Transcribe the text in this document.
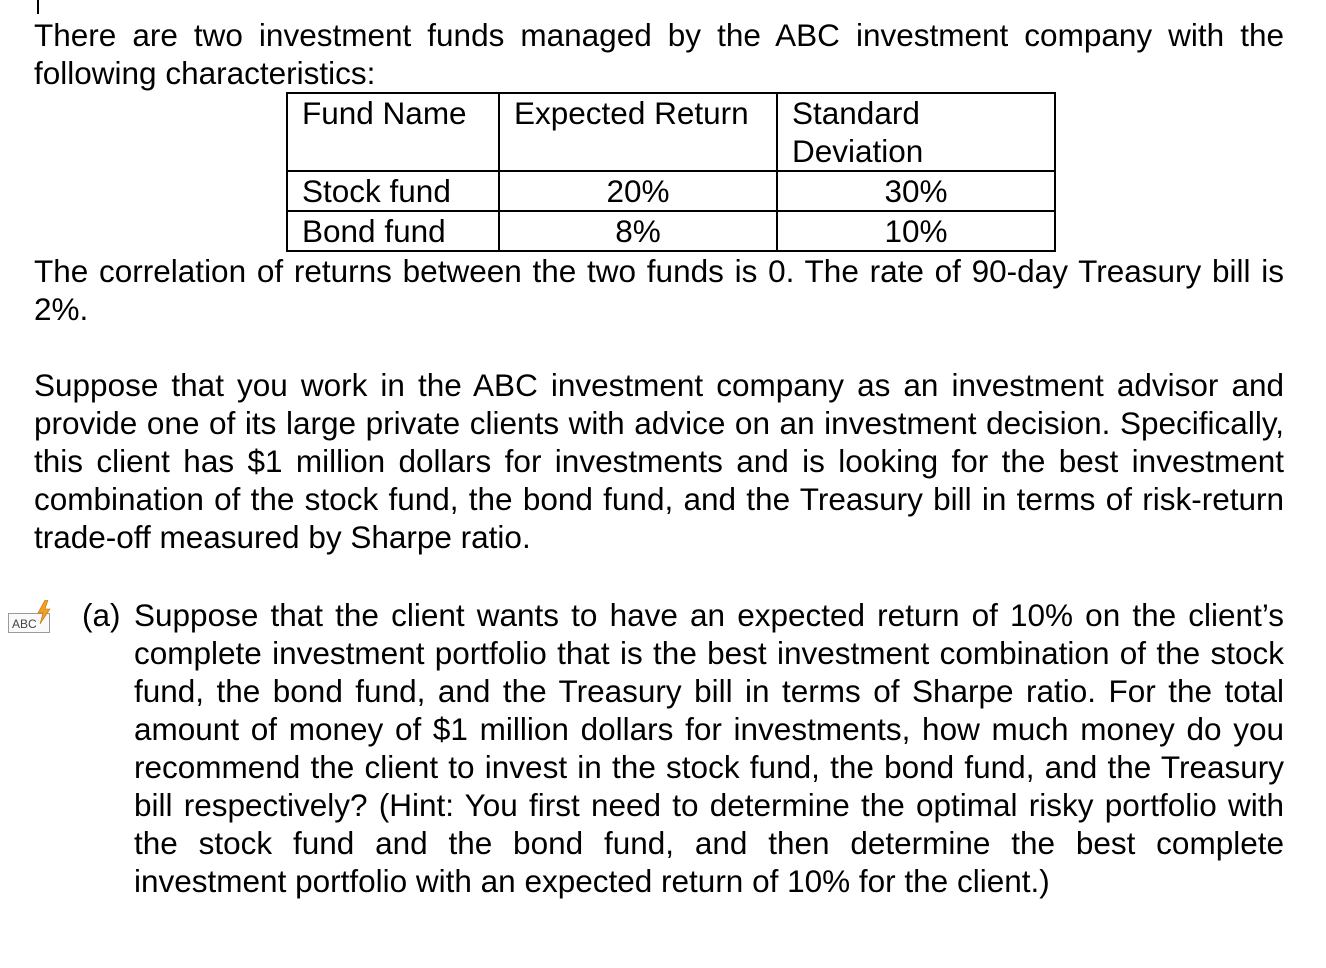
There are two investment funds managed by the ABC investment company with the following characteristics:
Fund Name	Expected Return	Standard Deviation
Stock fund	20%	30%
Bond fund	8%	10%
The correlation of returns between the two funds is 0. The rate of 90-day Treasury bill is 2%.
Suppose that you work in the ABC investment company as an investment advisor and provide one of its large private clients with advice on an investment decision. Specifically, this client has $1 million dollars for investments and is looking for the best investment combination of the stock fund, the bond fund, and the Treasury bill in terms of risk-return trade-off measured by Sharpe ratio.
ABC	(a) Suppose that the client wants to have an expected return of 10% on the client’s complete investment portfolio that is the best investment combination of the stock fund, the bond fund, and the Treasury bill in terms of Sharpe ratio. For the total amount of money of $1 million dollars for investments, how much money do you recommend the client to invest in the stock fund, the bond fund, and the Treasury bill respectively? (Hint: You first need to determine the optimal risky portfolio with the stock fund and the bond fund, and then determine the best complete investment portfolio with an expected return of 10% for the client.)
